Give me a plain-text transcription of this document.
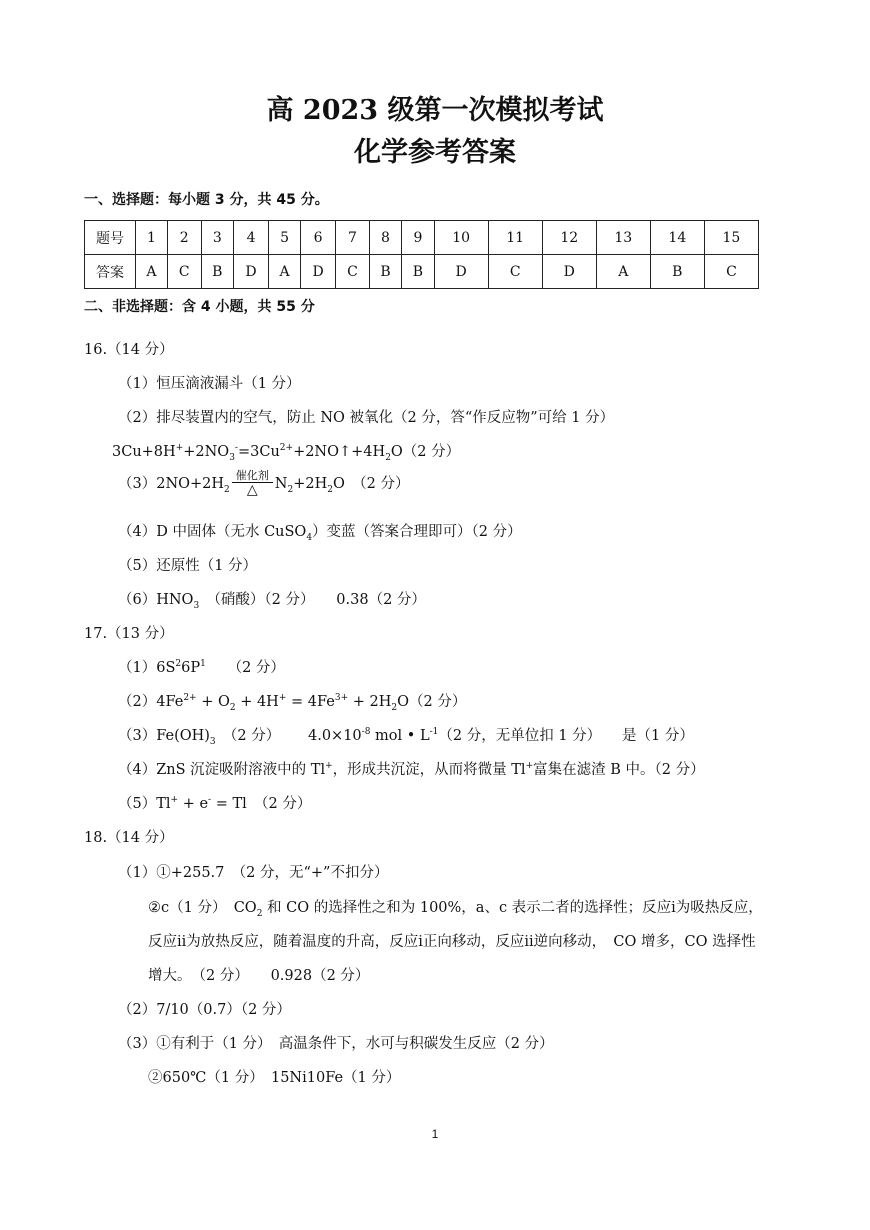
高 2023 级第一次模拟考试
化学参考答案
一、选择题：每小题 3 分，共 45 分。
题号	1	2	3	4	5	6	7	8	9	10	11	12	13	14	15
答案	A	C	B	D	A	D	C	B	B	D	C	D	A	B	C
二、非选择题：含 4 小题，共 55 分
16.（14 分）
（1）恒压滴液漏斗（1 分）
（2）排尽装置内的空气，防止 NO 被氧化（2 分，答“作反应物”可给 1 分）
$3Cu+8H^++2NO_3^-=3Cu^{2+}+2NO↑+4H_2O(2$ 分）
$(3)2NO+2H_2 \frac{\text{催化剂}}{\triangle} N_2+2H_2O$　（2 分）
（4）D 中固体（无水 CuSO$_4$）变蓝（答案合理即可）（2 分）
（5）还原性（1 分）
$(6)HNO_3$　 （硝酸）（2 分）　　 0.38（2 分）
17.（13 分）
$(1)6S^26P^1$　　 （2 分）
$(2)4Fe^{2+} + O_2 + 4H^+ = 4Fe^{3+} + 2H_2O(2$ 分）
$(3)Fe(OH)_3$　 （2 分） $4.0\times 10^{-8}$ mol • $L^{-1}(2$ 分，无单位扣 1 分） 是（1 分）
（4）ZnS 沉淀吸附溶液中的 Tl+，形成共沉淀，从而将微量 Tl+富集在滤渣 B 中。（2 分）
（5）Tl+ + e- = Tl　（2 分）
18.（14 分）
（1）①+255.7　（2 分，无“+”不扣分）
②c（1 分）　$CO_2$ 和 CO 的选择性之和为 100%，a、c 表示二者的选择性；反应i为吸热反应，
反应ii为放热反应，随着温度的升高，反应i正向移动，反应ii逆向移动，　CO 增多，CO 选择性
增大。　（2 分）　　0.928（2 分）
（2）7/10（0.7）（2 分）
（3）①有利于（1 分）　高温条件下，水可与积碳发生反应（2 分）
②650℃（1 分）　15Ni10Fe（1 分）
1
